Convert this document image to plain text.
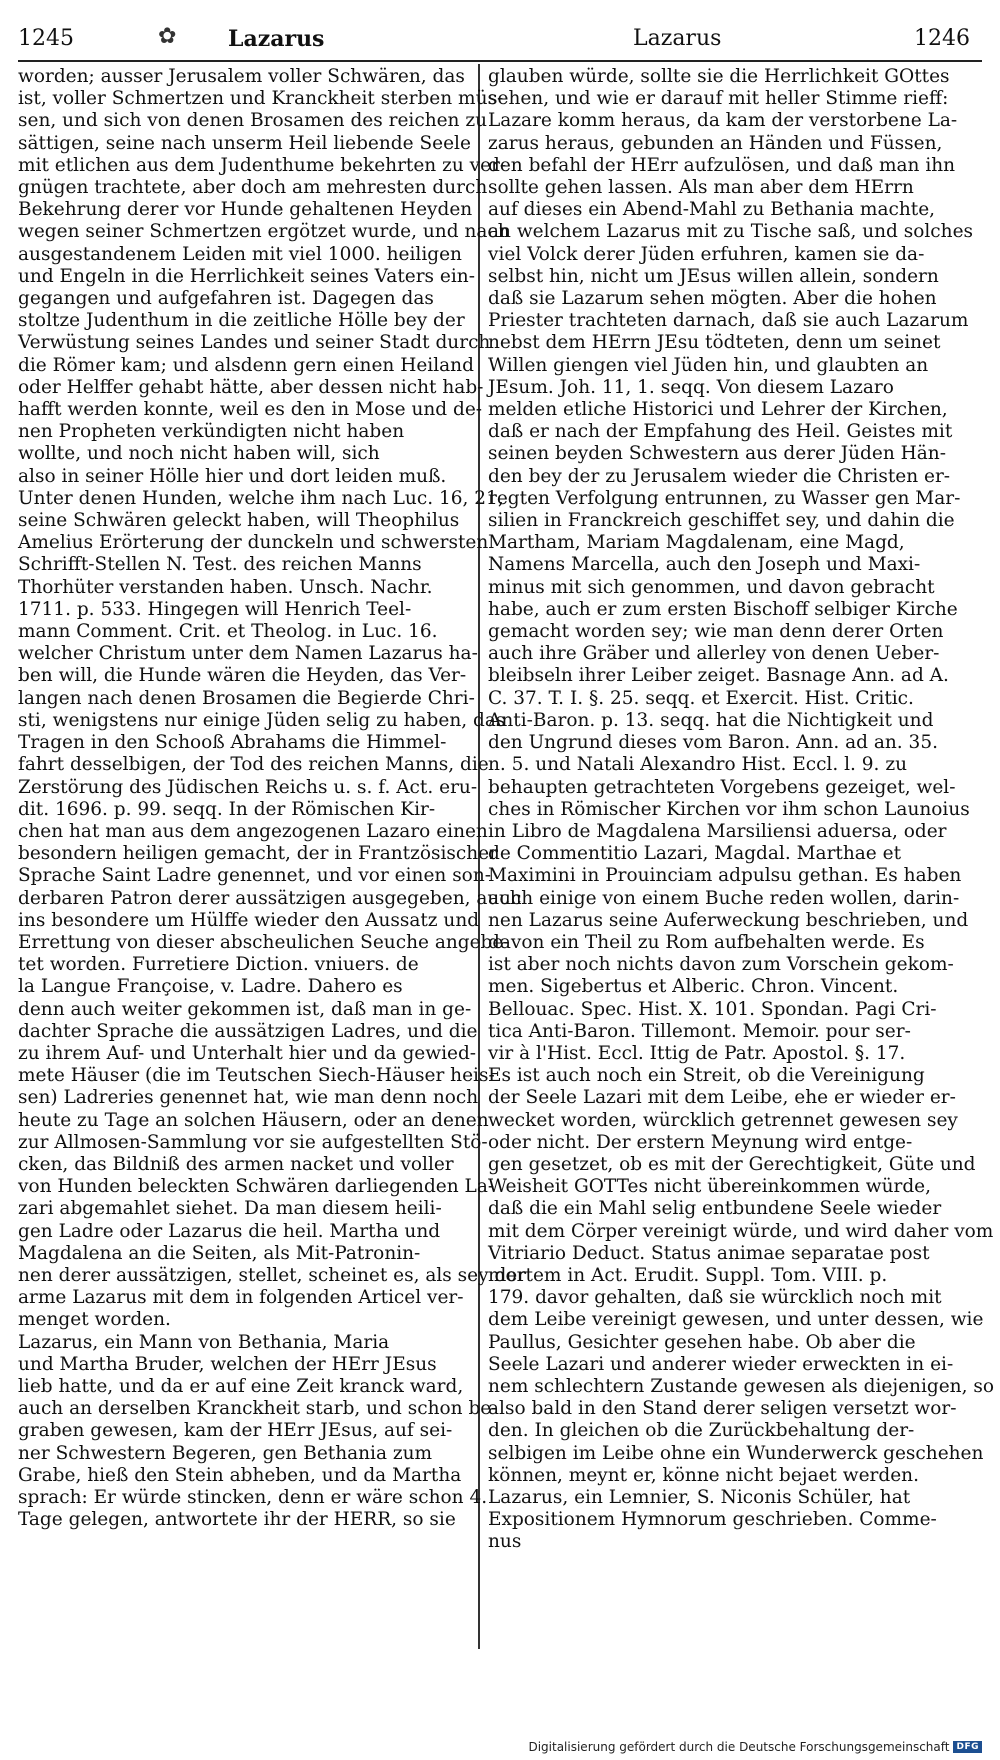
1245	✿ Lazarus	Lazarus	1246
worden; ausser Jerusalem voller Schwären, das
ist, voller Schmertzen und Kranckheit sterben müs-
sen, und sich von denen Brosamen des reichen zu
sättigen, seine nach unserm Heil liebende Seele
mit etlichen aus dem Judenthume bekehrten zu ver-
gnügen trachtete, aber doch am mehresten durch
Bekehrung derer vor Hunde gehaltenen Heyden
wegen seiner Schmertzen ergötzet wurde, und nach
ausgestandenem Leiden mit viel 1000. heiligen
und Engeln in die Herrlichkeit seines Vaters ein-
gegangen und aufgefahren ist. Dagegen das
stoltze Judenthum in die zeitliche Hölle bey der
Verwüstung seines Landes und seiner Stadt durch
die Römer kam; und alsdenn gern einen Heiland
oder Helffer gehabt hätte, aber dessen nicht hab-
hafft werden konnte, weil es den in Mose und de-
nen Propheten verkündigten nicht haben
wollte, und noch nicht haben will, sich
also in seiner Hölle hier und dort leiden muß.
Unter denen Hunden, welche ihm nach Luc. 16, 21,
seine Schwären geleckt haben, will Theophilus
Amelius Erörterung der dunckeln und schwersten
Schrifft-Stellen N. Test. des reichen Manns
Thorhüter verstanden haben. Unsch. Nachr.
1711. p. 533. Hingegen will Henrich Teel-
mann Comment. Crit. et Theolog. in Luc. 16.
welcher Christum unter dem Namen Lazarus ha-
ben will, die Hunde wären die Heyden, das Ver-
langen nach denen Brosamen die Begierde Chri-
sti, wenigstens nur einige Jüden selig zu haben, das
Tragen in den Schooß Abrahams die Himmel-
fahrt desselbigen, der Tod des reichen Manns, die
Zerstörung des Jüdischen Reichs u. s. f. Act. eru-
dit. 1696. p. 99. seqq. In der Römischen Kir-
chen hat man aus dem angezogenen Lazaro einen
besondern heiligen gemacht, der in Frantzösischer
Sprache Saint Ladre genennet, und vor einen son-
derbaren Patron derer aussätzigen ausgegeben, auch
ins besondere um Hülffe wieder den Aussatz und
Errettung von dieser abscheulichen Seuche angebe-
tet worden. Furretiere Diction. vniuers. de
la Langue Françoise, v. Ladre. Dahero es
denn auch weiter gekommen ist, daß man in ge-
dachter Sprache die aussätzigen Ladres, und die
zu ihrem Auf- und Unterhalt hier und da gewied-
mete Häuser (die im Teutschen Siech-Häuser heis-
sen) Ladreries genennet hat, wie man denn noch
heute zu Tage an solchen Häusern, oder an denen
zur Allmosen-Sammlung vor sie aufgestellten Stö-
cken, das Bildniß des armen nacket und voller
von Hunden beleckten Schwären darliegenden La-
zari abgemahlet siehet. Da man diesem heili-
gen Ladre oder Lazarus die heil. Martha und
Magdalena an die Seiten, als Mit-Patronin-
nen derer aussätzigen, stellet, scheinet es, als sey der
arme Lazarus mit dem in folgenden Articel ver-
menget worden.
Lazarus, ein Mann von Bethania, Maria
und Martha Bruder, welchen der HErr JEsus
lieb hatte, und da er auf eine Zeit kranck ward,
auch an derselben Kranckheit starb, und schon be-
graben gewesen, kam der HErr JEsus, auf sei-
ner Schwestern Begeren, gen Bethania zum
Grabe, hieß den Stein abheben, und da Martha
sprach: Er würde stincken, denn er wäre schon 4.
Tage gelegen, antwortete ihr der HERR, so sie
glauben würde, sollte sie die Herrlichkeit GOttes
sehen, und wie er darauf mit heller Stimme rieff:
Lazare komm heraus, da kam der verstorbene La-
zarus heraus, gebunden an Händen und Füssen,
den befahl der HErr aufzulösen, und daß man ihn
sollte gehen lassen. Als man aber dem HErrn
auf dieses ein Abend-Mahl zu Bethania machte,
an welchem Lazarus mit zu Tische saß, und solches
viel Volck derer Jüden erfuhren, kamen sie da-
selbst hin, nicht um JEsus willen allein, sondern
daß sie Lazarum sehen mögten. Aber die hohen
Priester trachteten darnach, daß sie auch Lazarum
nebst dem HErrn JEsu tödteten, denn um seinet
Willen giengen viel Jüden hin, und glaubten an
JEsum. Joh. 11, 1. seqq. Von diesem Lazaro
melden etliche Historici und Lehrer der Kirchen,
daß er nach der Empfahung des Heil. Geistes mit
seinen beyden Schwestern aus derer Jüden Hän-
den bey der zu Jerusalem wieder die Christen er-
regten Verfolgung entrunnen, zu Wasser gen Mar-
silien in Franckreich geschiffet sey, und dahin die
Martham, Mariam Magdalenam, eine Magd,
Namens Marcella, auch den Joseph und Maxi-
minus mit sich genommen, und davon gebracht
habe, auch er zum ersten Bischoff selbiger Kirche
gemacht worden sey; wie man denn derer Orten
auch ihre Gräber und allerley von denen Ueber-
bleibseln ihrer Leiber zeiget. Basnage Ann. ad A.
C. 37. T. I. §. 25. seqq. et Exercit. Hist. Critic.
Anti-Baron. p. 13. seqq. hat die Nichtigkeit und
den Ungrund dieses vom Baron. Ann. ad an. 35.
n. 5. und Natali Alexandro Hist. Eccl. l. 9. zu
behaupten getrachteten Vorgebens gezeiget, wel-
ches in Römischer Kirchen vor ihm schon Launoius
in Libro de Magdalena Marsiliensi aduersa, oder
de Commentitio Lazari, Magdal. Marthae et
Maximini in Prouinciam adpulsu gethan. Es haben
auch einige von einem Buche reden wollen, darin-
nen Lazarus seine Auferweckung beschrieben, und
davon ein Theil zu Rom aufbehalten werde. Es
ist aber noch nichts davon zum Vorschein gekom-
men. Sigebertus et Alberic. Chron. Vincent.
Bellouac. Spec. Hist. X. 101. Spondan. Pagi Cri-
tica Anti-Baron. Tillemont. Memoir. pour ser-
vir à l'Hist. Eccl. Ittig de Patr. Apostol. §. 17.
Es ist auch noch ein Streit, ob die Vereinigung
der Seele Lazari mit dem Leibe, ehe er wieder er-
wecket worden, würcklich getrennet gewesen sey
oder nicht. Der erstern Meynung wird entge-
gen gesetzet, ob es mit der Gerechtigkeit, Güte und
Weisheit GOTTes nicht übereinkommen würde,
daß die ein Mahl selig entbundene Seele wieder
mit dem Cörper vereinigt würde, und wird daher vom
Vitriario Deduct. Status animae separatae post
mortem in Act. Erudit. Suppl. Tom. VIII. p.
179. davor gehalten, daß sie würcklich noch mit
dem Leibe vereinigt gewesen, und unter dessen, wie
Paullus, Gesichter gesehen habe. Ob aber die
Seele Lazari und anderer wieder erweckten in ei-
nem schlechtern Zustande gewesen als diejenigen, so
also bald in den Stand derer seligen versetzt wor-
den. In gleichen ob die Zurückbehaltung der-
selbigen im Leibe ohne ein Wunderwerck geschehen
können, meynt er, könne nicht bejaet werden.
Lazarus, ein Lemnier, S. Niconis Schüler, hat
Expositionem Hymnorum geschrieben. Comme-
nus
Digitalisierung gefördert durch die Deutsche Forschungsgemeinschaft DFG
